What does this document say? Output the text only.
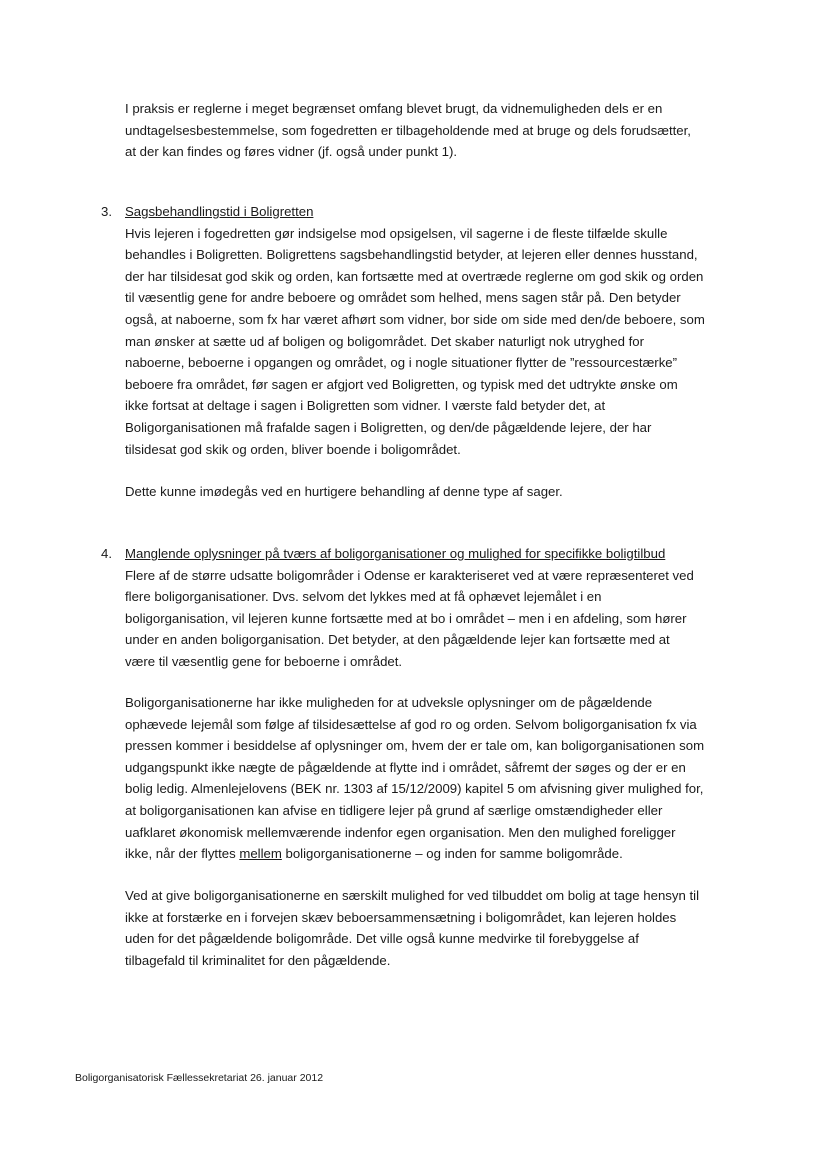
I praksis er reglerne i meget begrænset omfang blevet brugt, da vidnemuligheden dels er en
undtagelsesbestemmelse, som fogedretten er tilbageholdende med at bruge og dels forudsætter,
at der kan findes og føres vidner (jf. også under punkt 1).
3. Sagsbehandlingstid i Boligretten
Hvis lejeren i fogedretten gør indsigelse mod opsigelsen, vil sagerne i de fleste tilfælde skulle
behandles i Boligretten. Boligrettens sagsbehandlingstid betyder, at lejeren eller dennes husstand,
der har tilsidesat god skik og orden, kan fortsætte med at overtræde reglerne om god skik og orden
til væsentlig gene for andre beboere og området som helhed, mens sagen står på. Den betyder
også, at naboerne, som fx har været afhørt som vidner, bor side om side med den/de beboere, som
man ønsker at sætte ud af boligen og boligområdet. Det skaber naturligt nok utryghed for
naboerne, beboerne i opgangen og området, og i nogle situationer flytter de ”ressourcestærke”
beboere fra området, før sagen er afgjort ved Boligretten, og typisk med det udtrykte ønske om
ikke fortsat at deltage i sagen i Boligretten som vidner. I værste fald betyder det, at
Boligorganisationen må frafalde sagen i Boligretten, og den/de pågældende lejere, der har
tilsidesat god skik og orden, bliver boende i boligområdet.
Dette kunne imødegås ved en hurtigere behandling af denne type af sager.
4. Manglende oplysninger på tværs af boligorganisationer og mulighed for specifikke boligtilbud
Flere af de større udsatte boligområder i Odense er karakteriseret ved at være repræsenteret ved
flere boligorganisationer. Dvs. selvom det lykkes med at få ophævet lejemålet i en
boligorganisation, vil lejeren kunne fortsætte med at bo i området – men i en afdeling, som hører
under en anden boligorganisation. Det betyder, at den pågældende lejer kan fortsætte med at
være til væsentlig gene for beboerne i området.
Boligorganisationerne har ikke muligheden for at udveksle oplysninger om de pågældende
ophævede lejemål som følge af tilsidesættelse af god ro og orden. Selvom boligorganisation fx via
pressen kommer i besiddelse af oplysninger om, hvem der er tale om, kan boligorganisationen som
udgangspunkt ikke nægte de pågældende at flytte ind i området, såfremt der søges og der er en
bolig ledig. Almenlejelovens (BEK nr. 1303 af 15/12/2009) kapitel 5 om afvisning giver mulighed for,
at boligorganisationen kan afvise en tidligere lejer på grund af særlige omstændigheder eller
uafklaret økonomisk mellemværende indenfor egen organisation. Men den mulighed foreligger
ikke, når der flyttes mellem boligorganisationerne – og inden for samme boligområde.
Ved at give boligorganisationerne en særskilt mulighed for ved tilbuddet om bolig at tage hensyn til
ikke at forstærke en i forvejen skæv beboersammensætning i boligområdet, kan lejeren holdes
uden for det pågældende boligområde. Det ville også kunne medvirke til forebyggelse af
tilbagefald til kriminalitet for den pågældende.
Boligorganisatorisk Fællessekretariat 26. januar 2012
